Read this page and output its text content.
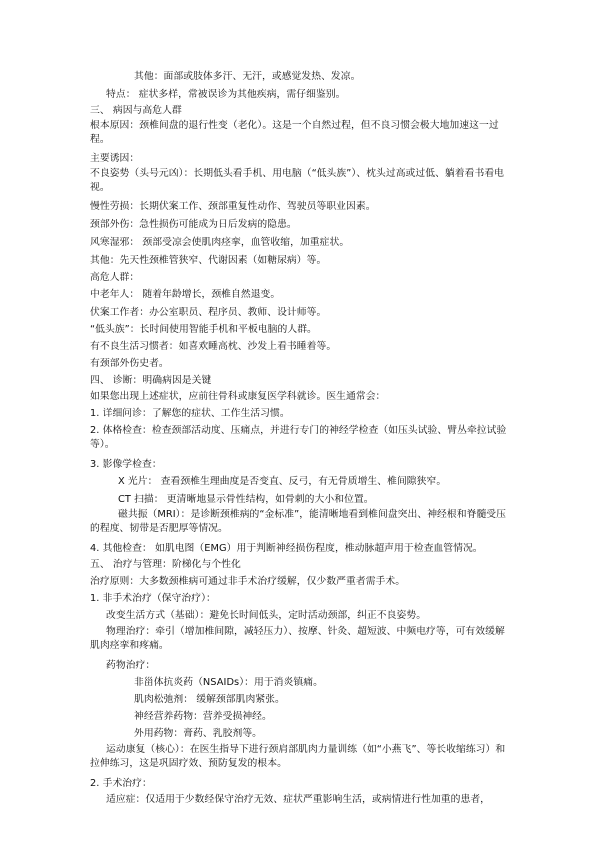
其他：面部或肢体多汗、无汗，或感觉发热、发凉。
特点： 症状多样，常被误诊为其他疾病，需仔细鉴别。
三、 病因与高危人群
根本原因：颈椎间盘的退行性变（老化）。这是一个自然过程，但不良习惯会极大地加速这一过程。
主要诱因：
不良姿势（头号元凶）：长期低头看手机、用电脑（“低头族”）、枕头过高或过低、躺着看书看电视。
慢性劳损：长期伏案工作、颈部重复性动作、驾驶员等职业因素。
颈部外伤：急性损伤可能成为日后发病的隐患。
风寒湿邪： 颈部受凉会使肌肉痉挛，血管收缩，加重症状。
其他：先天性颈椎管狭窄、代谢因素（如糖尿病）等。
高危人群：
中老年人： 随着年龄增长，颈椎自然退变。
伏案工作者：办公室职员、程序员、教师、设计师等。
“低头族”：长时间使用智能手机和平板电脑的人群。
有不良生活习惯者：如喜欢睡高枕、沙发上看书睡着等。
有颈部外伤史者。
四、 诊断：明确病因是关键
如果您出现上述症状，应前往骨科或康复医学科就诊。医生通常会：
1. 详细问诊：了解您的症状、工作生活习惯。
2. 体格检查：检查颈部活动度、压痛点，并进行专门的神经学检查（如压头试验、臂丛牵拉试验等）。
3. 影像学检查：
X 光片： 查看颈椎生理曲度是否变直、反弓，有无骨质增生、椎间隙狭窄。
CT 扫描： 更清晰地显示骨性结构，如骨刺的大小和位置。
磁共振（MRI）：是诊断颈椎病的“金标准”，能清晰地看到椎间盘突出、神经根和脊髓受压的程度、韧带是否肥厚等情况。
4. 其他检查： 如肌电图（EMG）用于判断神经损伤程度，椎动脉超声用于检查血管情况。
五、 治疗与管理：阶梯化与个性化
治疗原则：大多数颈椎病可通过非手术治疗缓解，仅少数严重者需手术。
1. 非手术治疗（保守治疗）：
改变生活方式（基础）：避免长时间低头，定时活动颈部，纠正不良姿势。
物理治疗：牵引（增加椎间隙，减轻压力）、按摩、针灸、超短波、中频电疗等，可有效缓解肌肉痉挛和疼痛。
药物治疗：
非甾体抗炎药（NSAIDs）：用于消炎镇痛。
肌肉松弛剂： 缓解颈部肌肉紧张。
神经营养药物：营养受损神经。
外用药物：膏药、乳胶剂等。
运动康复（核心）：在医生指导下进行颈肩部肌肉力量训练（如“小燕飞”、等长收缩练习）和拉伸练习，这是巩固疗效、预防复发的根本。
2. 手术治疗：
适应症：仅适用于少数经保守治疗无效、症状严重影响生活，或病情进行性加重的患者，
